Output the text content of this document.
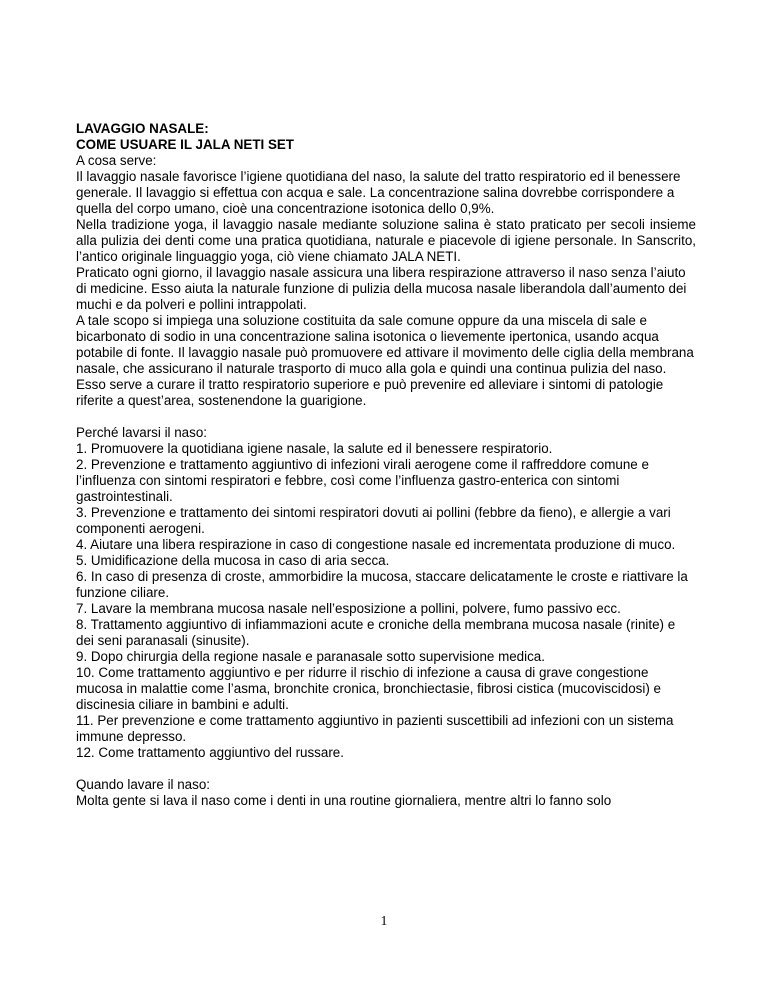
LAVAGGIO NASALE:

COME USUARE IL JALA NETI SET

A cosa serve:

Il lavaggio nasale favorisce l’igiene quotidiana del naso, la salute del tratto respiratorio ed il benessere generale. Il lavaggio si effettua con acqua e sale. La concentrazione salina dovrebbe corrispondere a quella del corpo umano, cioè una concentrazione isotonica dello 0,9%.

Nella tradizione yoga, il lavaggio nasale mediante soluzione salina è stato praticato per secoli insieme alla pulizia dei denti come una pratica quotidiana, naturale e piacevole di igiene personale. In Sanscrito, l’antico originale linguaggio yoga, ciò viene chiamato JALA NETI.

Praticato ogni giorno, il lavaggio nasale assicura una libera respirazione attraverso il naso senza l’aiuto di medicine. Esso aiuta la naturale funzione di pulizia della mucosa nasale liberandola dall’aumento dei muchi e da polveri e pollini intrappolati.

A tale scopo si impiega una soluzione costituita da sale comune oppure da una miscela di sale e bicarbonato di sodio in una concentrazione salina isotonica o lievemente ipertonica, usando acqua potabile di fonte. Il lavaggio nasale può promuovere ed attivare il movimento delle ciglia della membrana nasale, che assicurano il naturale trasporto di muco alla gola e quindi una continua pulizia del naso. Esso serve a curare il tratto respiratorio superiore e può prevenire ed alleviare i sintomi di patologie riferite a quest’area, sostenendone la guarigione.

Perché lavarsi il naso:

1. Promuovere la quotidiana igiene nasale, la salute ed il benessere respiratorio.

2. Prevenzione e trattamento aggiuntivo di infezioni virali aerogene come il raffreddore comune e l’influenza con sintomi respiratori e febbre, così come l’influenza gastro-enterica con sintomi gastrointestinali.

3. Prevenzione e trattamento dei sintomi respiratori dovuti ai pollini (febbre da fieno), e allergie a vari componenti aerogeni.

4. Aiutare una libera respirazione in caso di congestione nasale ed incrementata produzione di muco.

5. Umidificazione della mucosa in caso di aria secca.

6. In caso di presenza di croste, ammorbidire la mucosa, staccare delicatamente le croste e riattivare la funzione ciliare.

7. Lavare la membrana mucosa nasale nell’esposizione a pollini, polvere, fumo passivo ecc.

8. Trattamento aggiuntivo di infiammazioni acute e croniche della membrana mucosa nasale (rinite) e dei seni paranasali (sinusite).

9. Dopo chirurgia della regione nasale e paranasale sotto supervisione medica.

10. Come trattamento aggiuntivo e per ridurre il rischio di infezione a causa di grave congestione mucosa in malattie come l’asma, bronchite cronica, bronchiectasie, fibrosi cistica (mucoviscidosi) e discinesia ciliare in bambini e adulti.

11. Per prevenzione e come trattamento aggiuntivo in pazienti suscettibili ad infezioni con un sistema immune depresso.

12. Come trattamento aggiuntivo del russare.

Quando lavare il naso:

Molta gente si lava il naso come i denti in una routine giornaliera, mentre altri lo fanno solo

1
